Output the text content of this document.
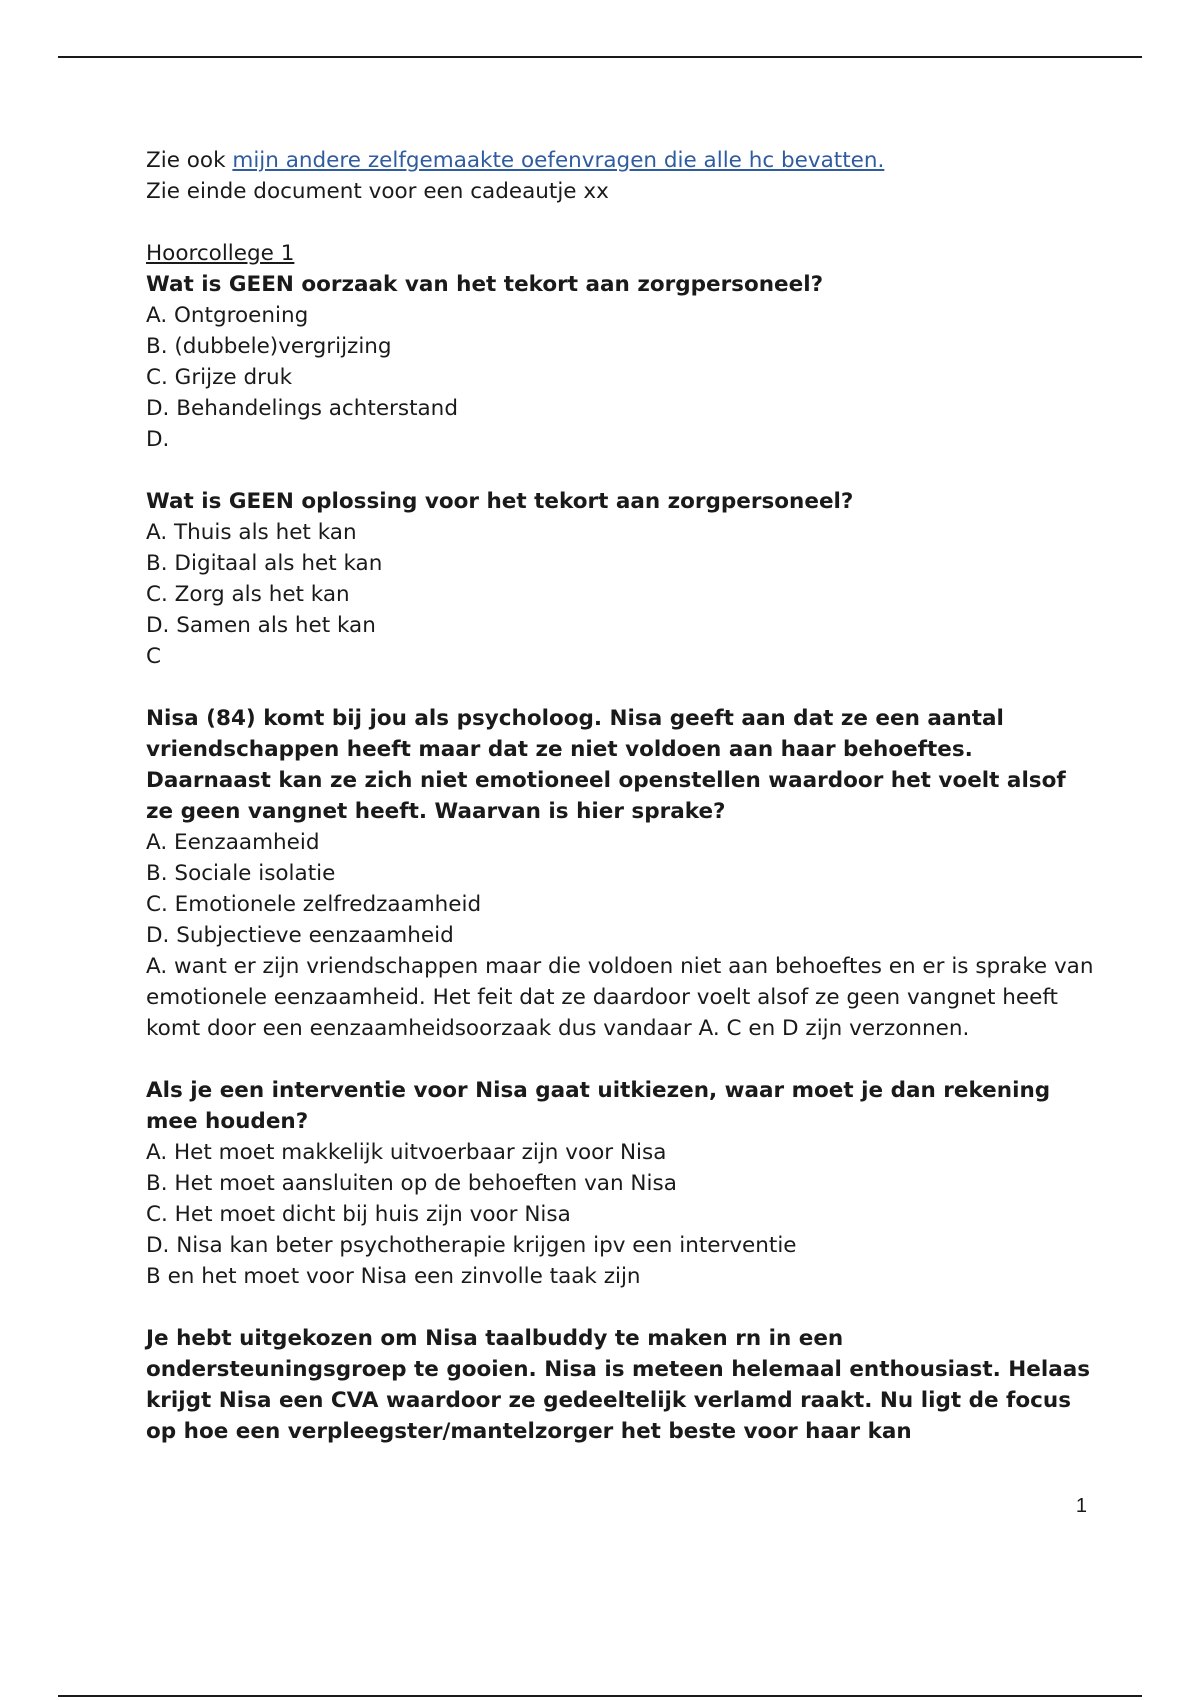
Zie ook mijn andere zelfgemaakte oefenvragen die alle hc bevatten.

Zie einde document voor een cadeautje xx

Hoorcollege 1

Wat is GEEN oorzaak van het tekort aan zorgpersoneel?

A. Ontgroening

B. (dubbele)vergrijzing

C. Grijze druk

D. Behandelings achterstand

D.

Wat is GEEN oplossing voor het tekort aan zorgpersoneel?

A. Thuis als het kan

B. Digitaal als het kan

C. Zorg als het kan

D. Samen als het kan

C

Nisa (84) komt bij jou als psycholoog. Nisa geeft aan dat ze een aantal vriendschappen heeft maar dat ze niet voldoen aan haar behoeftes. Daarnaast kan ze zich niet emotioneel openstellen waardoor het voelt alsof ze geen vangnet heeft. Waarvan is hier sprake?

A. Eenzaamheid

B. Sociale isolatie

C. Emotionele zelfredzaamheid

D. Subjectieve eenzaamheid

A. want er zijn vriendschappen maar die voldoen niet aan behoeftes en er is sprake van emotionele eenzaamheid. Het feit dat ze daardoor voelt alsof ze geen vangnet heeft komt door een eenzaamheidsoorzaak dus vandaar A. C en D zijn verzonnen.

Als je een interventie voor Nisa gaat uitkiezen, waar moet je dan rekening mee houden?

A. Het moet makkelijk uitvoerbaar zijn voor Nisa

B. Het moet aansluiten op de behoeften van Nisa

C. Het moet dicht bij huis zijn voor Nisa

D. Nisa kan beter psychotherapie krijgen ipv een interventie

B en het moet voor Nisa een zinvolle taak zijn

Je hebt uitgekozen om Nisa taalbuddy te maken rn in een ondersteuningsgroep te gooien. Nisa is meteen helemaal enthousiast. Helaas krijgt Nisa een CVA waardoor ze gedeeltelijk verlamd raakt. Nu ligt de focus op hoe een verpleegster/mantelzorger het beste voor haar kan

1
